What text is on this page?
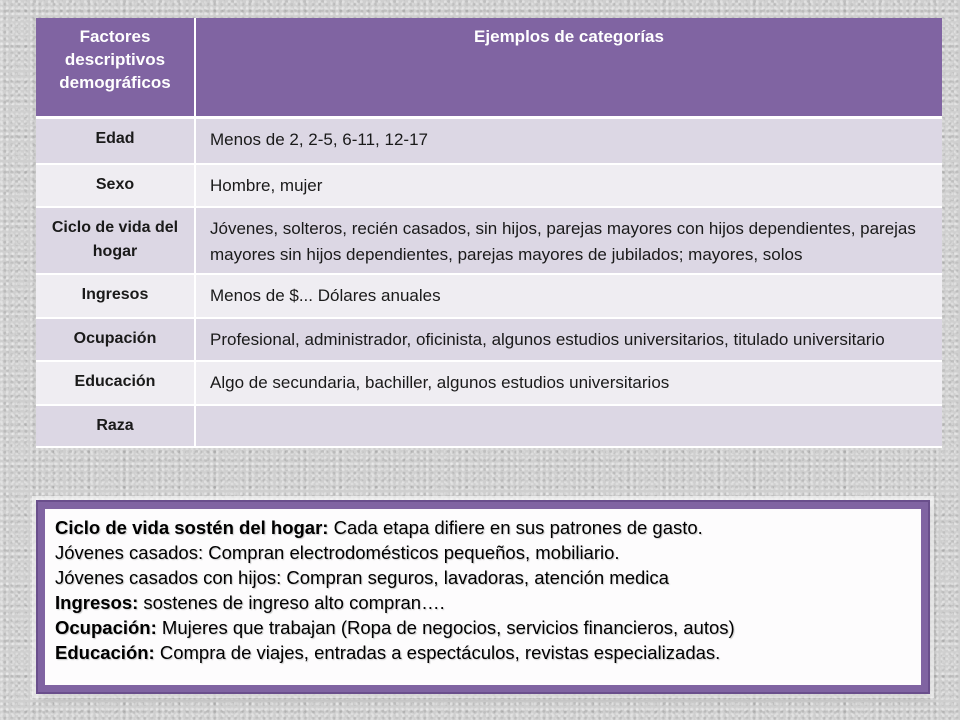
Factores descriptivos demográficos	Ejemplos de categorías
Edad	Menos de 2, 2-5, 6-11, 12-17
Sexo	Hombre, mujer
Ciclo de vida del hogar	Jóvenes, solteros, recién casados, sin hijos, parejas mayores con hijos dependientes, parejas mayores sin hijos dependientes, parejas mayores de jubilados; mayores, solos
Ingresos	Menos de $... Dólares anuales
Ocupación	Profesional, administrador, oficinista, algunos estudios universitarios, titulado universitario
Educación	Algo de secundaria, bachiller, algunos estudios universitarios
Raza	
Ciclo de vida sostén del hogar: Cada etapa difiere en sus patrones de gasto.
Jóvenes casados: Compran electrodomésticos pequeños, mobiliario.
Jóvenes casados con hijos: Compran seguros, lavadoras, atención medica
Ingresos: sostenes de ingreso alto compran….
Ocupación: Mujeres que trabajan (Ropa de negocios, servicios financieros, autos)
Educación: Compra de viajes, entradas a espectáculos, revistas especializadas.
